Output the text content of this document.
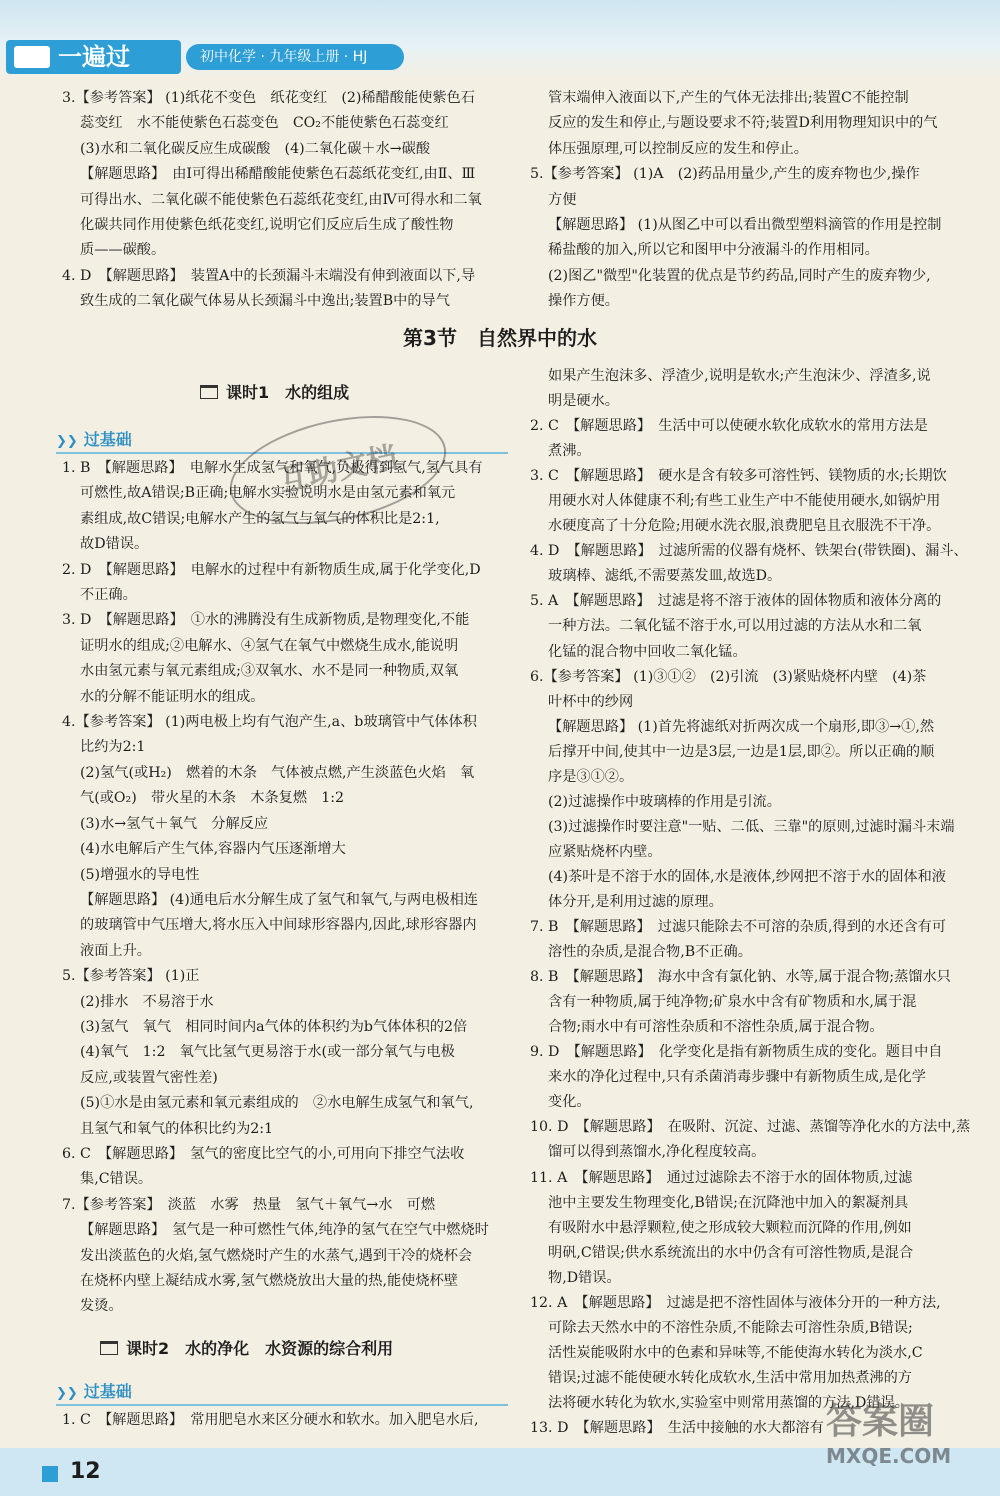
一遍过	初中化学 · 九年级上册 · HJ

3.【参考答案】 (1)纸花不变色　纸花变红　(2)稀醋酸能使紫色石

蕊变红　水不能使紫色石蕊变色　CO₂不能使紫色石蕊变红

(3)水和二氧化碳反应生成碳酸　(4)二氧化碳＋水→碳酸

【解题思路】　由Ⅰ可得出稀醋酸能使紫色石蕊纸花变红,由Ⅱ、Ⅲ

可得出水、二氧化碳不能使紫色石蕊纸花变红,由Ⅳ可得水和二氧

化碳共同作用使紫色纸花变红,说明它们反应后生成了酸性物

质——碳酸。

4. D　【解题思路】　装置A中的长颈漏斗末端没有伸到液面以下,导

致生成的二氧化碳气体易从长颈漏斗中逸出;装置B中的导气

管末端伸入液面以下,产生的气体无法排出;装置C不能控制

反应的发生和停止,与题设要求不符;装置D利用物理知识中的气

体压强原理,可以控制反应的发生和停止。

5.【参考答案】 (1)A　(2)药品用量少,产生的废弃物也少,操作

方便

【解题思路】 (1)从图乙中可以看出微型塑料滴管的作用是控制

稀盐酸的加入,所以它和图甲中分液漏斗的作用相同。

(2)图乙"微型"化装置的优点是节约药品,同时产生的废弃物少,

操作方便。

第3节　自然界中的水
课时1　水的组成
❯❯ 过基础

1. B　【解题思路】　电解水生成氢气和氧气,负极得到氢气,氢气具有

可燃性,故A错误;B正确;电解水实验说明水是由氢元素和氧元

素组成,故C错误;电解水产生的氢气与氧气的体积比是2:1,

故D错误。

2. D　【解题思路】　电解水的过程中有新物质生成,属于化学变化,D

不正确。

3. D　【解题思路】　①水的沸腾没有生成新物质,是物理变化,不能

证明水的组成;②电解水、④氢气在氧气中燃烧生成水,能说明

水由氢元素与氧元素组成;③双氧水、水不是同一种物质,双氧

水的分解不能证明水的组成。

4.【参考答案】 (1)两电极上均有气泡产生,a、b玻璃管中气体体积

比约为2:1

(2)氢气(或H₂)　燃着的木条　气体被点燃,产生淡蓝色火焰　氧

气(或O₂)　带火星的木条　木条复燃　1:2

(3)水→氢气＋氧气　分解反应

(4)水电解后产生气体,容器内气压逐渐增大

(5)增强水的导电性

【解题思路】 (4)通电后水分解生成了氢气和氧气,与两电极相连

的玻璃管中气压增大,将水压入中间球形容器内,因此,球形容器内

液面上升。

5.【参考答案】 (1)正

(2)排水　不易溶于水

(3)氢气　氧气　相同时间内a气体的体积约为b气体体积的2倍

(4)氧气　1:2　氧气比氢气更易溶于水(或一部分氧气与电极

反应,或装置气密性差)

(5)①水是由氢元素和氧元素组成的　②水电解生成氢气和氧气,

且氢气和氧气的体积比约为2:1

6. C　【解题思路】　氢气的密度比空气的小,可用向下排空气法收

集,C错误。

7.【参考答案】　淡蓝　水雾　热量　氢气＋氧气→水　可燃

【解题思路】　氢气是一种可燃性气体,纯净的氢气在空气中燃烧时

发出淡蓝色的火焰,氢气燃烧时产生的水蒸气,遇到干冷的烧杯会

在烧杯内壁上凝结成水雾,氢气燃烧放出大量的热,能使烧杯壁

发烫。

课时2　水的净化　水资源的综合利用
❯❯ 过基础

1. C　【解题思路】　常用肥皂水来区分硬水和软水。加入肥皂水后,

如果产生泡沫多、浮渣少,说明是软水;产生泡沫少、浮渣多,说

明是硬水。

2. C　【解题思路】　生活中可以使硬水软化成软水的常用方法是

煮沸。

3. C　【解题思路】　硬水是含有较多可溶性钙、镁物质的水;长期饮

用硬水对人体健康不利;有些工业生产中不能使用硬水,如锅炉用

水硬度高了十分危险;用硬水洗衣服,浪费肥皂且衣服洗不干净。

4. D　【解题思路】　过滤所需的仪器有烧杯、铁架台(带铁圈)、漏斗、

玻璃棒、滤纸,不需要蒸发皿,故选D。

5. A　【解题思路】　过滤是将不溶于液体的固体物质和液体分离的

一种方法。二氧化锰不溶于水,可以用过滤的方法从水和二氧

化锰的混合物中回收二氧化锰。

6.【参考答案】 (1)③①②　(2)引流　(3)紧贴烧杯内壁　(4)茶

叶杯中的纱网

【解题思路】 (1)首先将滤纸对折两次成一个扇形,即③→①,然

后撑开中间,使其中一边是3层,一边是1层,即②。所以正确的顺

序是③①②。

(2)过滤操作中玻璃棒的作用是引流。

(3)过滤操作时要注意"一贴、二低、三靠"的原则,过滤时漏斗末端

应紧贴烧杯内壁。

(4)茶叶是不溶于水的固体,水是液体,纱网把不溶于水的固体和液

体分开,是利用过滤的原理。

7. B　【解题思路】　过滤只能除去不可溶的杂质,得到的水还含有可

溶性的杂质,是混合物,B不正确。

8. B　【解题思路】　海水中含有氯化钠、水等,属于混合物;蒸馏水只

含有一种物质,属于纯净物;矿泉水中含有矿物质和水,属于混

合物;雨水中有可溶性杂质和不溶性杂质,属于混合物。

9. D　【解题思路】　化学变化是指有新物质生成的变化。题目中自

来水的净化过程中,只有杀菌消毒步骤中有新物质生成,是化学

变化。

10. D　【解题思路】　在吸附、沉淀、过滤、蒸馏等净化水的方法中,蒸

馏可以得到蒸馏水,净化程度较高。

11. A　【解题思路】　通过过滤除去不溶于水的固体物质,过滤

池中主要发生物理变化,B错误;在沉降池中加入的絮凝剂具

有吸附水中悬浮颗粒,使之形成较大颗粒而沉降的作用,例如

明矾,C错误;供水系统流出的水中仍含有可溶性物质,是混合

物,D错误。

12. A　【解题思路】　过滤是把不溶性固体与液体分开的一种方法,

可除去天然水中的不溶性杂质,不能除去可溶性杂质,B错误;

活性炭能吸附水中的色素和异味等,不能使海水转化为淡水,C

错误;过滤不能使硬水转化成软水,生活中常用加热煮沸的方

法将硬水转化为软水,实验室中则常用蒸馏的方法,D错误。

13. D　【解题思路】　生活中接触的水大都溶有

互助文档
12
答案圈
MXQE.COM
